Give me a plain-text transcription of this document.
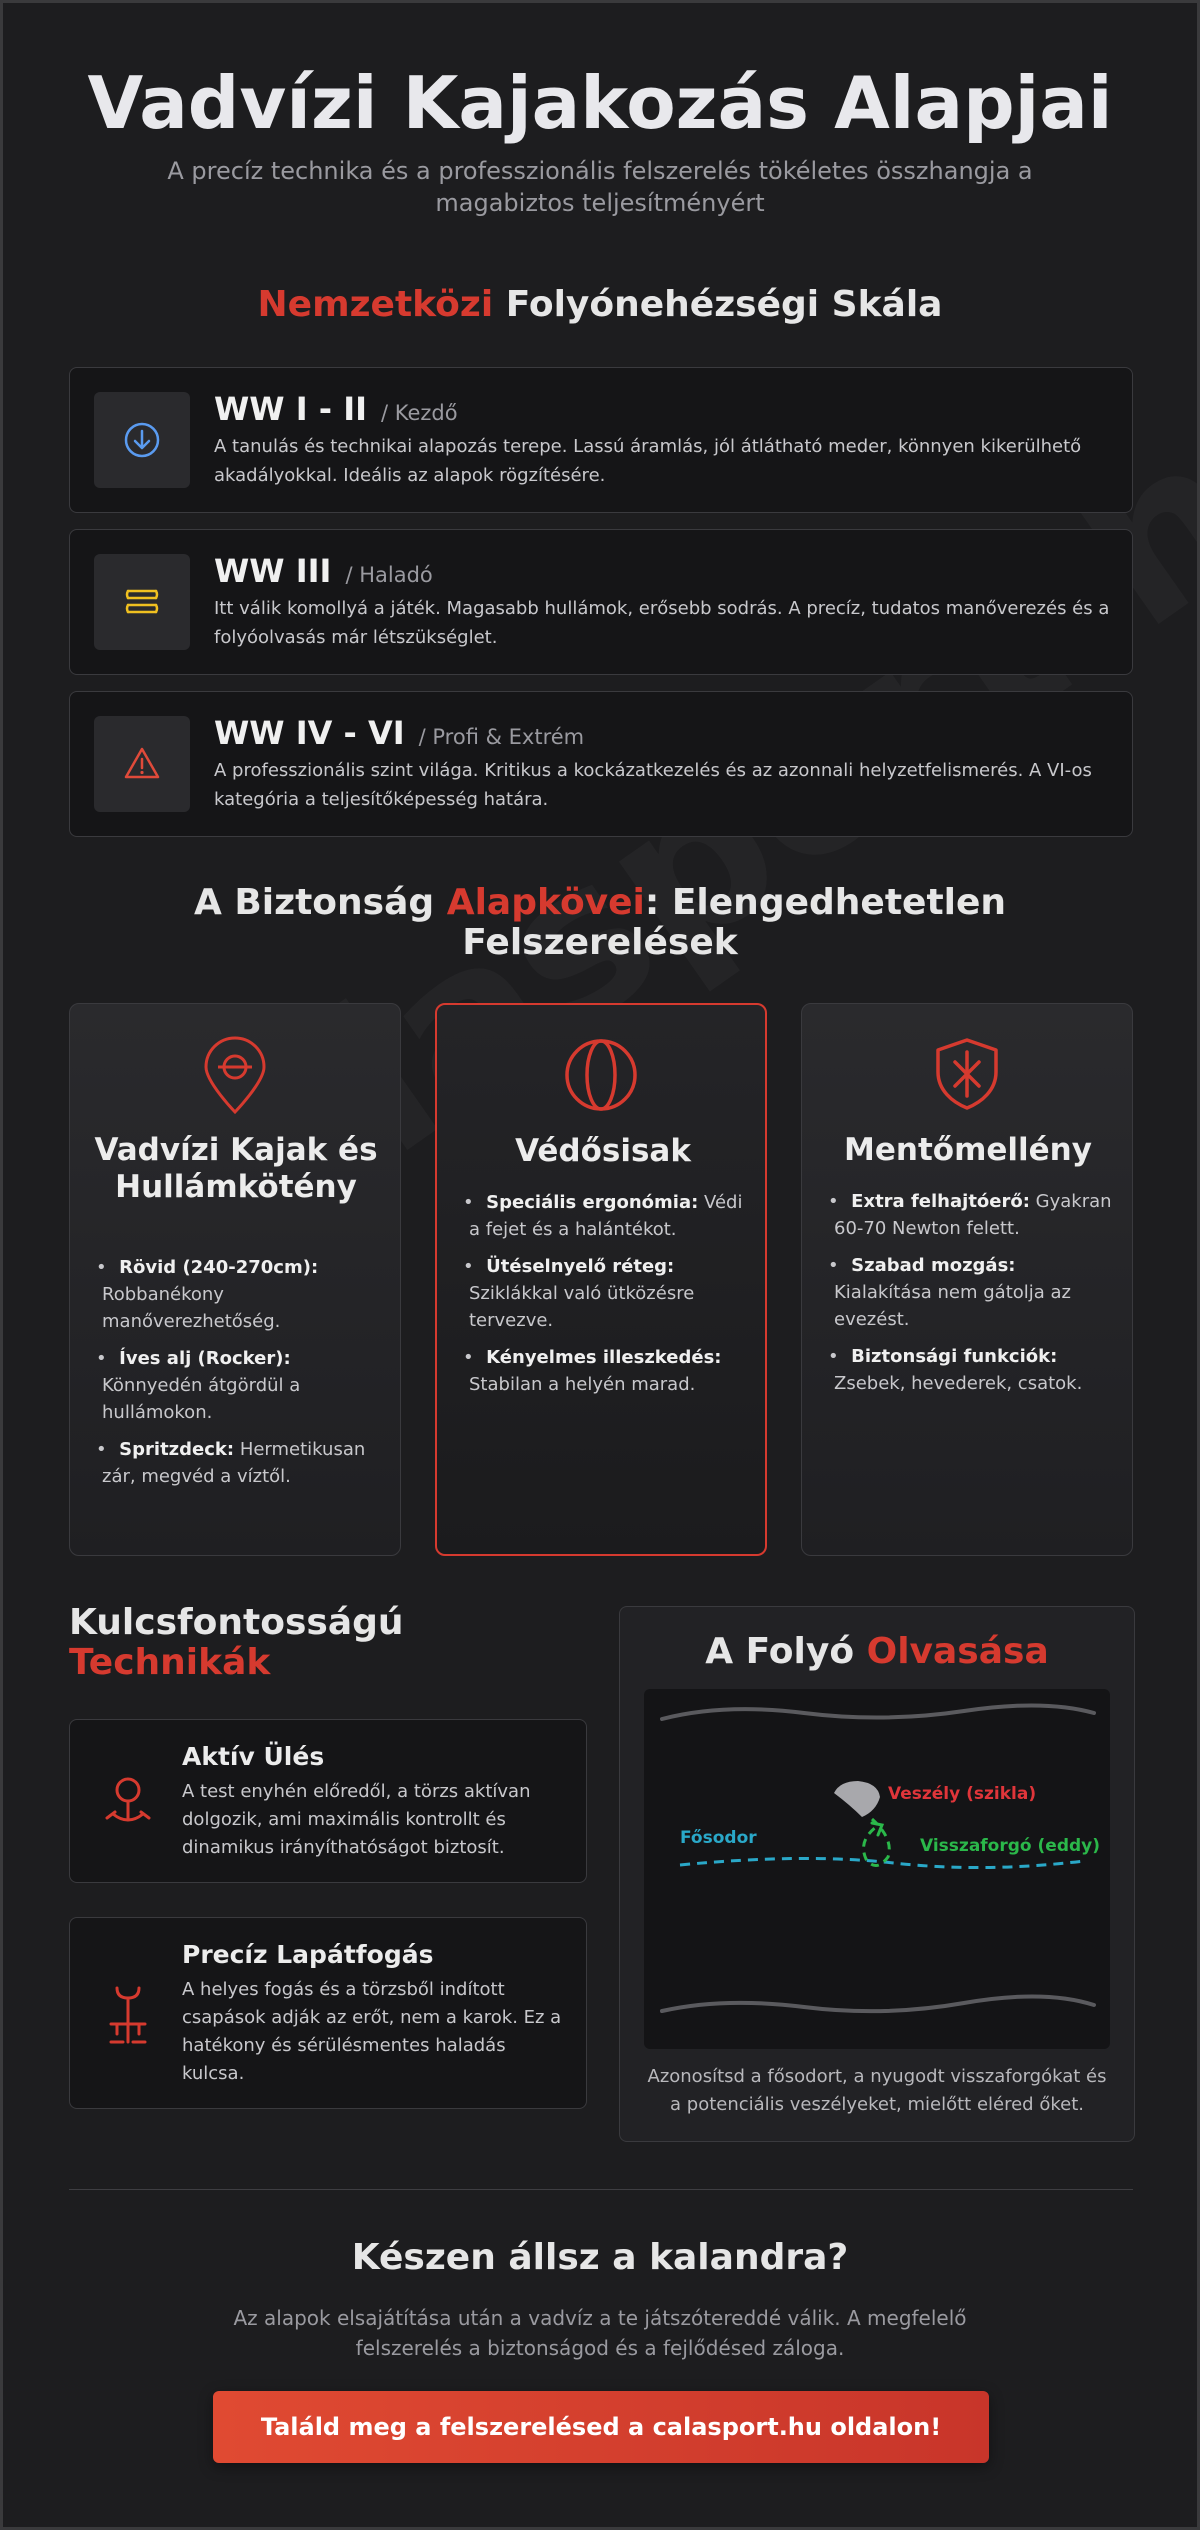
Vadvízi Kajakozás Alapjai
A precíz technika és a professzionális felszerelés tökéletes összhangja a magabiztos teljesítményért
Nemzetközi Folyónehézségi Skála
WW I - II / Kezdő
A tanulás és technikai alapozás terepe. Lassú áramlás, jól átlátható meder, könnyen kikerülhető akadályokkal. Ideális az alapok rögzítésére.
WW III / Haladó
Itt válik komollyá a játék. Magasabb hullámok, erősebb sodrás. A precíz, tudatos manőverezés és a folyóolvasás már létszükséglet.
WW IV - VI / Profi & Extrém
A professzionális szint világa. Kritikus a kockázatkezelés és az azonnali helyzetfelismerés. A VI-os kategória a teljesítőképesség határa.
A Biztonság Alapkövei: Elengedhetetlen Felszerelések
Vadvízi Kajak és Hullámkötény
• Rövid (240-270cm): Robbanékony manőverezhetőség.
• Íves alj (Rocker): Könnyedén átgördül a hullámokon.
• Spritzdeck: Hermetikusan zár, megvéd a víztől.
Védősisak
• Speciális ergonómia: Védi a fejet és a halántékot.
• Ütéselnyelő réteg: Sziklákkal való ütközésre tervezve.
• Kényelmes illeszkedés: Stabilan a helyén marad.
Mentőmellény
• Extra felhajtóerő: Gyakran 60-70 Newton felett.
• Szabad mozgás: Kialakítása nem gátolja az evezést.
• Biztonsági funkciók: Zsebek, hevederek, csatok.
Kulcsfontosságú
Technikák
Aktív Ülés
A test enyhén előredől, a törzs aktívan dolgozik, ami maximális kontrollt és dinamikus irányíthatóságot biztosít.
Precíz Lapátfogás
A helyes fogás és a törzsből indított csapások adják az erőt, nem a karok. Ez a hatékony és sérülésmentes haladás kulcsa.
A Folyó Olvasása
Veszély (szikla)
Fősodor	Visszaforgó (eddy)
Azonosítsd a fősodort, a nyugodt visszaforgókat és a potenciális veszélyeket, mielőtt eléred őket.
Készen állsz a kalandra?
Az alapok elsajátítása után a vadvíz a te játszótereddé válik. A megfelelő felszerelés a biztonságod és a fejlődésed záloga.
Találd meg a felszerelésed a calasport.hu oldalon!
